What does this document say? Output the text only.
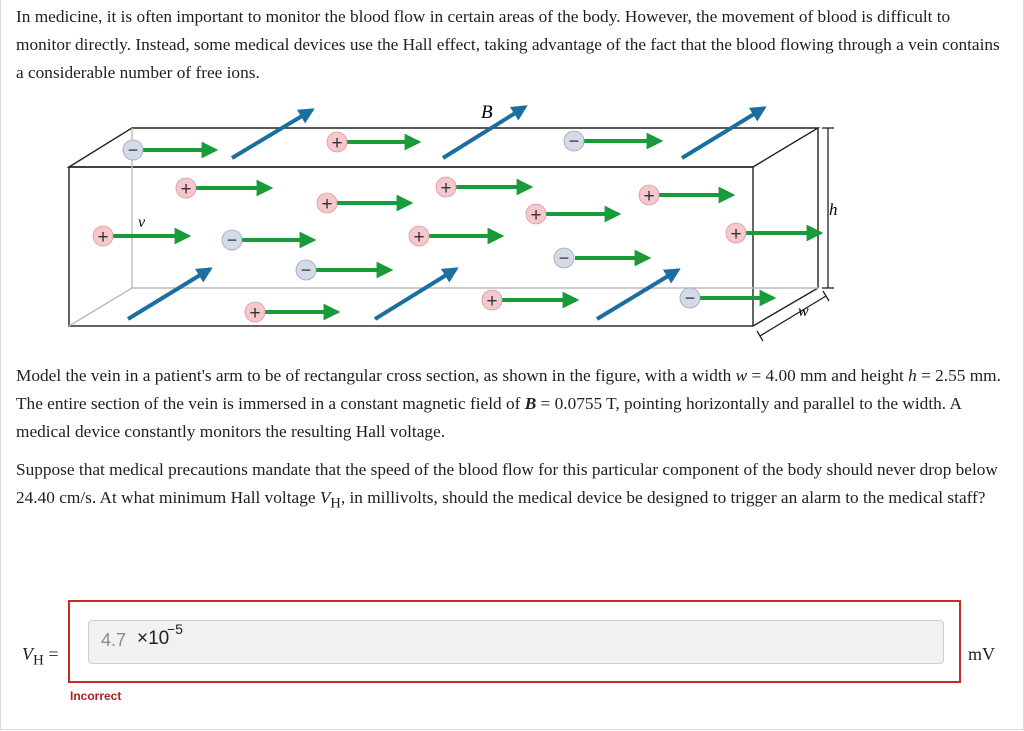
In medicine, it is often important to monitor the blood flow in certain areas of the body. However, the movement of blood is difficult to monitor directly. Instead, some medical devices use the Hall effect, taking advantage of the fact that the blood flowing through a vein contains a considerable number of free ions.

h
w
B
v
−	−
−
−
−
−
+
+	+
+	+
+
+	+	+
+
+

Model the vein in a patient's arm to be of rectangular cross section, as shown in the figure, with a width w = 4.00 mm and height h = 2.55 mm. The entire section of the vein is immersed in a constant magnetic field of B = 0.0755 T, pointing horizontally and parallel to the width. A medical device constantly monitors the resulting Hall voltage.

Suppose that medical precautions mandate that the speed of the blood flow for this particular component of the body should never drop below 24.40 cm/s. At what minimum Hall voltage $V_H$, in millivolts, should the medical device be designed to trigger an alarm to the medical staff?

$V_H$ =
4.7 ×10
−5
mV
Incorrect
